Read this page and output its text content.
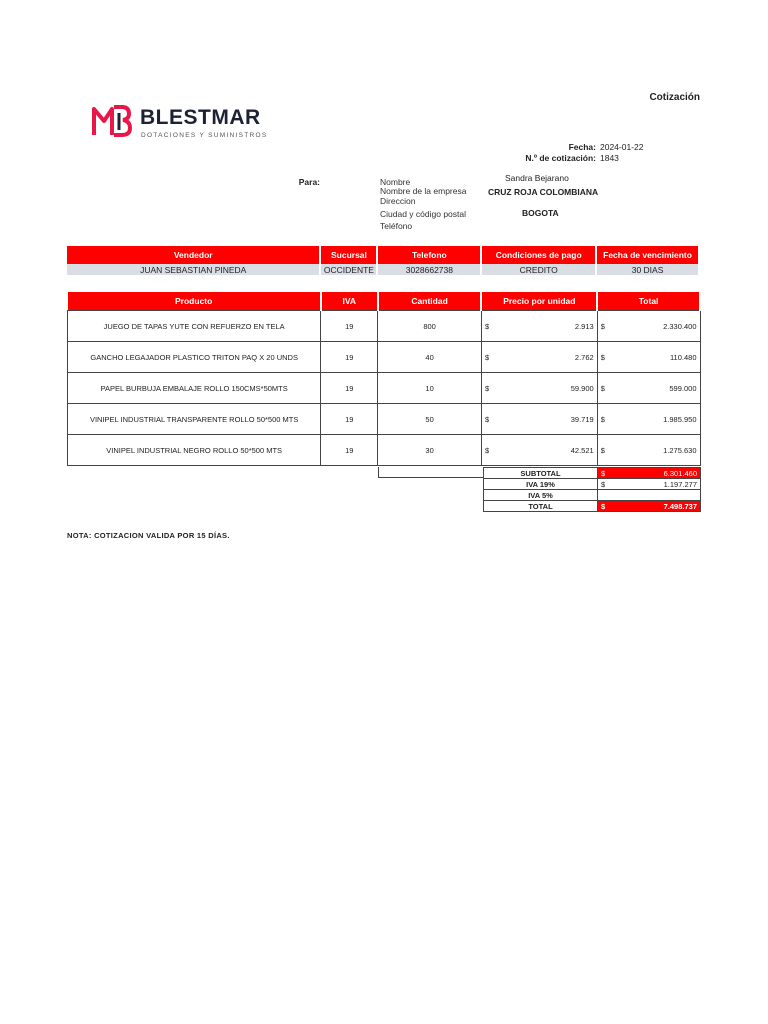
Cotización
BLESTMAR
DOTACIONES Y SUMINISTROS
Fecha: 2024-01-22
N.º de cotización: 1843
Para:	Nombre	Sandra Bejarano
Nombre de la empresa	CRUZ ROJA COLOMBIANA
Direccion
Ciudad y código postal	BOGOTA
Teléfono
Vendedor	Sucursal	Telefono	Condiciones de pago	Fecha de vencimiento
JUAN SEBASTIAN PINEDA	OCCIDENTE	3028662738	CREDITO	30 DIAS
Producto	IVA	Cantidad	Precio por unidad	Total
JUEGO DE TAPAS YUTE CON REFUERZO EN TELA	19	800	$ 2.913	$ 2.330.400

GANCHO LEGAJADOR PLASTICO TRITON PAQ X 20 UNDS	19	40	$ 2.762	$ 110.480

PAPEL BURBUJA EMBALAJE ROLLO 150CMS*50MTS	19	10	$ 59.900	$ 599.000

VINIPEL INDUSTRIAL TRANSPARENTE ROLLO 50*500 MTS	19	50	$ 39.719	$ 1.985.950

VINIPEL INDUSTRIAL NEGRO ROLLO 50*500 MTS	19	30	$ 42.521	$ 1.275.630
SUBTOTAL	$ 6.301.460

IVA 19%	$ 1.197.277

IVA 5%	
TOTAL	$ 7.498.737
NOTA: COTIZACION VALIDA POR 15 DÍAS.
